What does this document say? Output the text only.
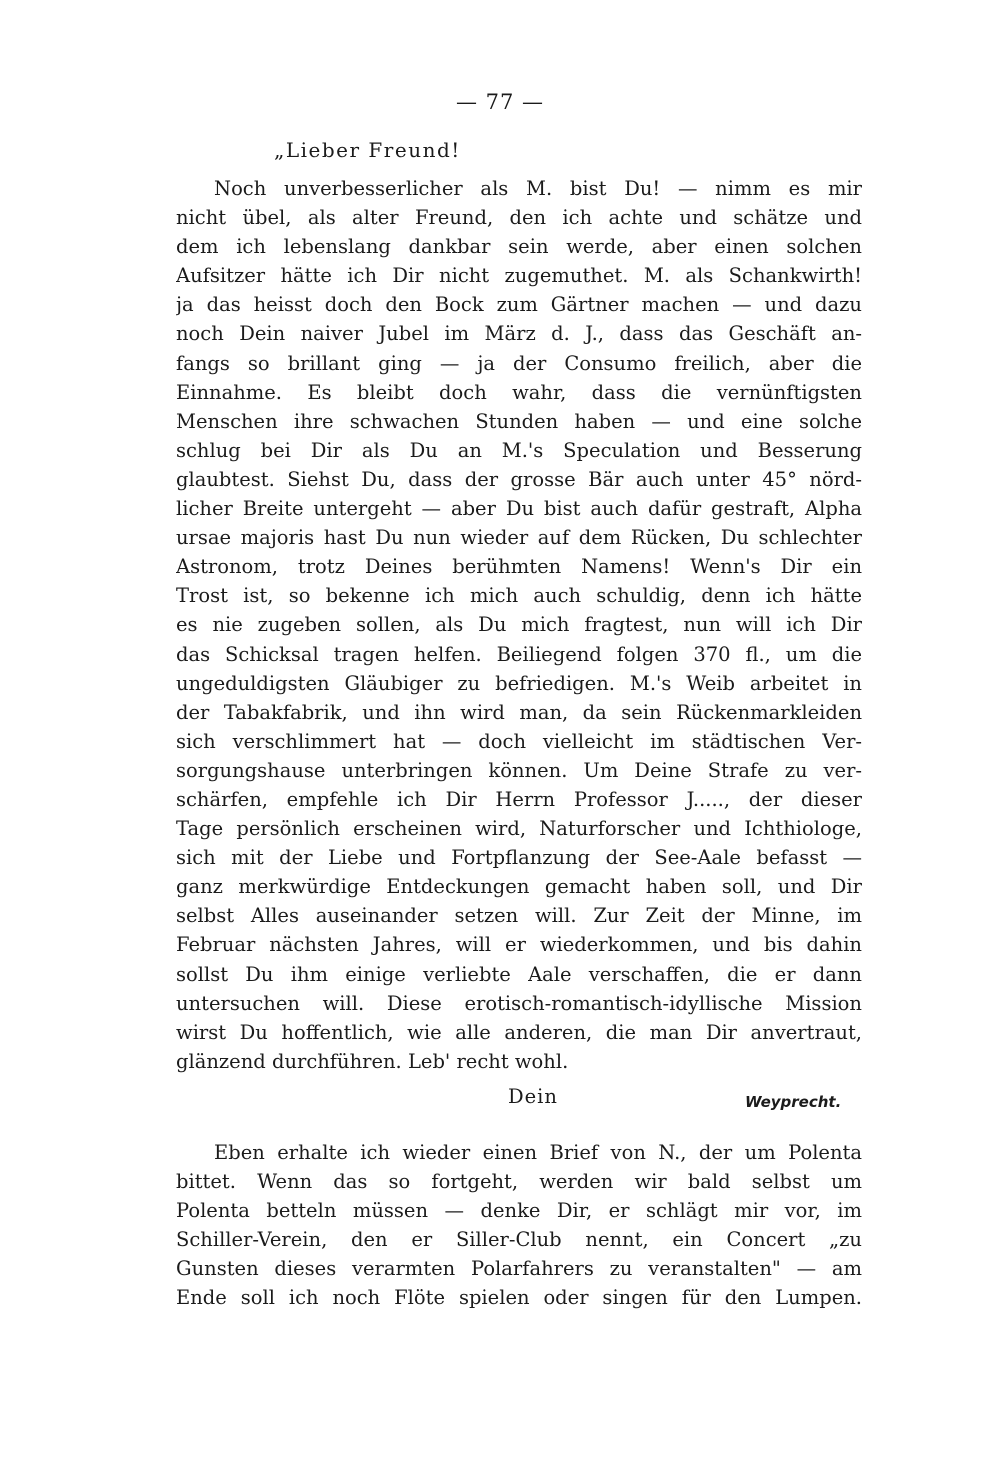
— 77 —
„Lieber Freund!
Noch unverbesserlicher als M. bist Du! — nimm es mir
nicht übel, als alter Freund, den ich achte und schätze und
dem ich lebenslang dankbar sein werde, aber einen solchen
Aufsitzer hätte ich Dir nicht zugemuthet. M. als Schankwirth!
ja das heisst doch den Bock zum Gärtner machen — und dazu
noch Dein naiver Jubel im März d. J., dass das Geschäft an-
fangs so brillant ging — ja der Consumo freilich, aber die
Einnahme. Es bleibt doch wahr, dass die vernünftigsten
Menschen ihre schwachen Stunden haben — und eine solche
schlug bei Dir als Du an M.'s Speculation und Besserung
glaubtest. Siehst Du, dass der grosse Bär auch unter 45° nörd-
licher Breite untergeht — aber Du bist auch dafür gestraft, Alpha
ursae majoris hast Du nun wieder auf dem Rücken, Du schlechter
Astronom, trotz Deines berühmten Namens! Wenn's Dir ein
Trost ist, so bekenne ich mich auch schuldig, denn ich hätte
es nie zugeben sollen, als Du mich fragtest, nun will ich Dir
das Schicksal tragen helfen. Beiliegend folgen 370 fl., um die
ungeduldigsten Gläubiger zu befriedigen. M.'s Weib arbeitet in
der Tabakfabrik, und ihn wird man, da sein Rückenmarkleiden
sich verschlimmert hat — doch vielleicht im städtischen Ver-
sorgungshause unterbringen können. Um Deine Strafe zu ver-
schärfen, empfehle ich Dir Herrn Professor J....., der dieser
Tage persönlich erscheinen wird, Naturforscher und Ichthiologe,
sich mit der Liebe und Fortpflanzung der See-Aale befasst —
ganz merkwürdige Entdeckungen gemacht haben soll, und Dir
selbst Alles auseinander setzen will. Zur Zeit der Minne, im
Februar nächsten Jahres, will er wiederkommen, und bis dahin
sollst Du ihm einige verliebte Aale verschaffen, die er dann
untersuchen will. Diese erotisch-romantisch-idyllische Mission
wirst Du hoffentlich, wie alle anderen, die man Dir anvertraut,
glänzend durchführen. Leb' recht wohl.
Dein	Weyprecht.
Eben erhalte ich wieder einen Brief von N., der um Polenta
bittet. Wenn das so fortgeht, werden wir bald selbst um
Polenta betteln müssen — denke Dir, er schlägt mir vor, im
Schiller-Verein, den er Siller-Club nennt, ein Concert „zu
Gunsten dieses verarmten Polarfahrers zu veranstalten" — am
Ende soll ich noch Flöte spielen oder singen für den Lumpen.
